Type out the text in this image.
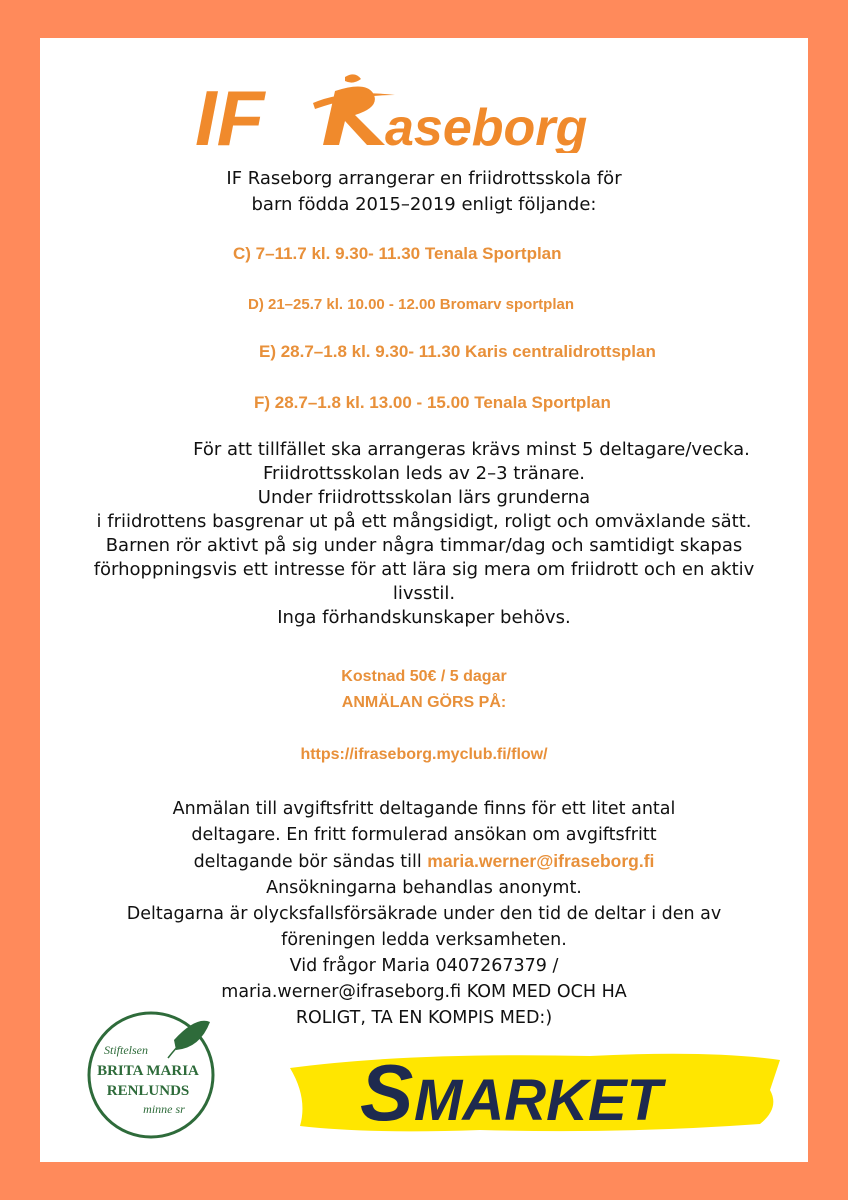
IF aseborg
IF Raseborg arrangerar en friidrottsskola för
barn födda 2015–2019 enligt följande:
C) 7–11.7 kl. 9.30- 11.30 Tenala Sportplan
D) 21–25.7 kl. 10.00 - 12.00 Bromarv sportplan
E) 28.7–1.8 kl. 9.30- 11.30 Karis centralidrottsplan
F) 28.7–1.8 kl. 13.00 - 15.00 Tenala Sportplan
För att tillfället ska arrangeras krävs minst 5 deltagare/vecka.
Friidrottsskolan leds av 2–3 tränare.
Under friidrottsskolan lärs grunderna
i friidrottens basgrenar ut på ett mångsidigt, roligt och omväxlande sätt.
Barnen rör aktivt på sig under några timmar/dag och samtidigt skapas
förhoppningsvis ett intresse för att lära sig mera om friidrott och en aktiv
livsstil.
Inga förhandskunskaper behövs.
Kostnad 50€ / 5 dagar
ANMÄLAN GÖRS PÅ:
https://ifraseborg.myclub.fi/flow/
Anmälan till avgiftsfritt deltagande finns för ett litet antal
deltagare. En fritt formulerad ansökan om avgiftsfritt
deltagande bör sändas till maria.werner@ifraseborg.fi
Ansökningarna behandlas anonymt.
Deltagarna är olycksfallsförsäkrade under den tid de deltar i den av
föreningen ledda verksamheten.
Vid frågor Maria 0407267379 /
maria.werner@ifraseborg.fi KOM MED OCH HA
ROLIGT, TA EN KOMPIS MED:)
Stiftelsen
BRITA MARIA
RENLUNDS
minne sr S MARKET
